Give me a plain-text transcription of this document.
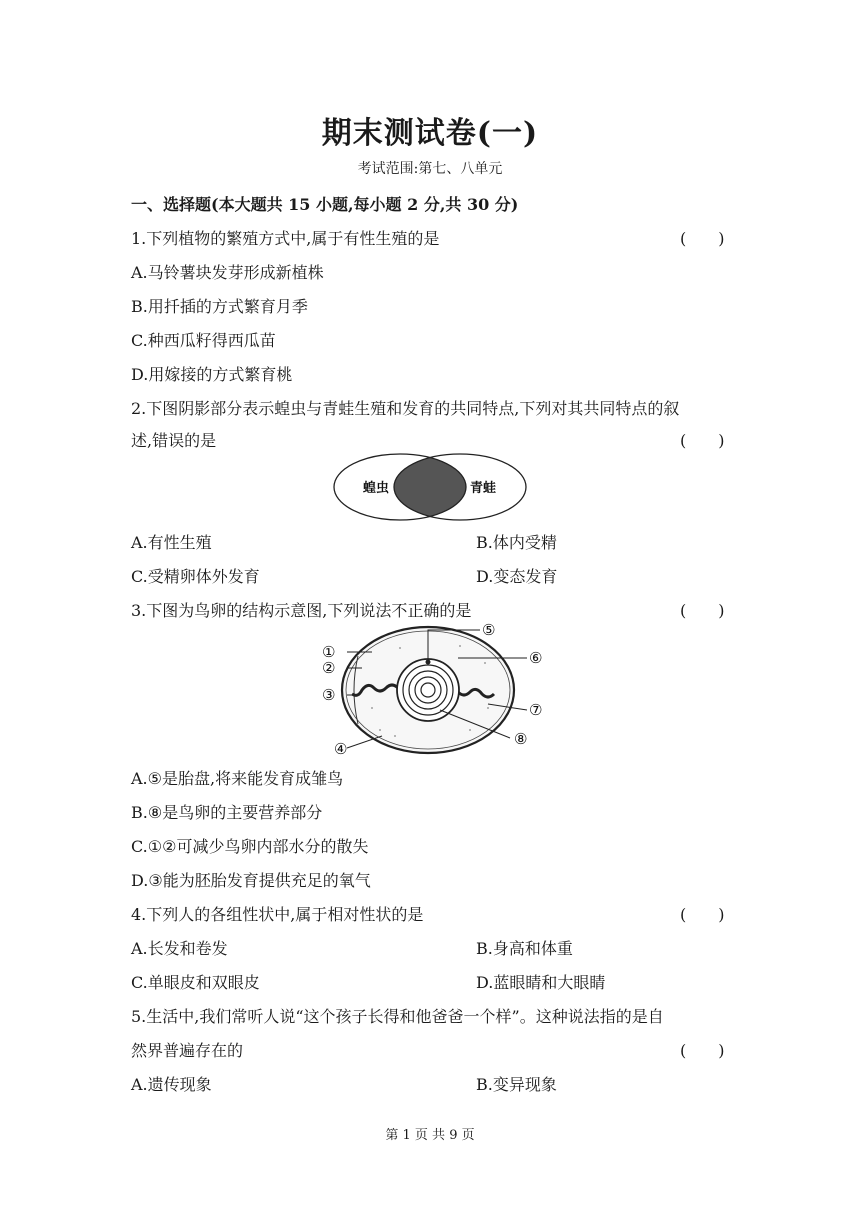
期末测试卷(一)
考试范围:第七、八单元
一、选择题(本大题共 15 小题,每小题 2 分,共 30 分)
1.下列植物的繁殖方式中,属于有性生殖的是	(　　)
A.马铃薯块发芽形成新植株
B.用扦插的方式繁育月季
C.种西瓜籽得西瓜苗
D.用嫁接的方式繁育桃
2.下图阴影部分表示蝗虫与青蛙生殖和发育的共同特点,下列对其共同特点的叙
述,错误的是	(　　)
蝗虫	青蛙
A.有性生殖	B.体内受精
C.受精卵体外发育	D.变态发育
3.下图为鸟卵的结构示意图,下列说法不正确的是	(　　)
①
②
③
④
⑤
⑥
⑦
⑧
A.⑤是胎盘,将来能发育成雏鸟
B.⑧是鸟卵的主要营养部分
C.①②可减少鸟卵内部水分的散失
D.③能为胚胎发育提供充足的氧气
4.下列人的各组性状中,属于相对性状的是	(　　)
A.长发和卷发	B.身高和体重
C.单眼皮和双眼皮	D.蓝眼睛和大眼睛
5.生活中,我们常听人说“这个孩子长得和他爸爸一个样”。这种说法指的是自
然界普遍存在的	(　　)
A.遗传现象	B.变异现象
第 1 页 共 9 页
